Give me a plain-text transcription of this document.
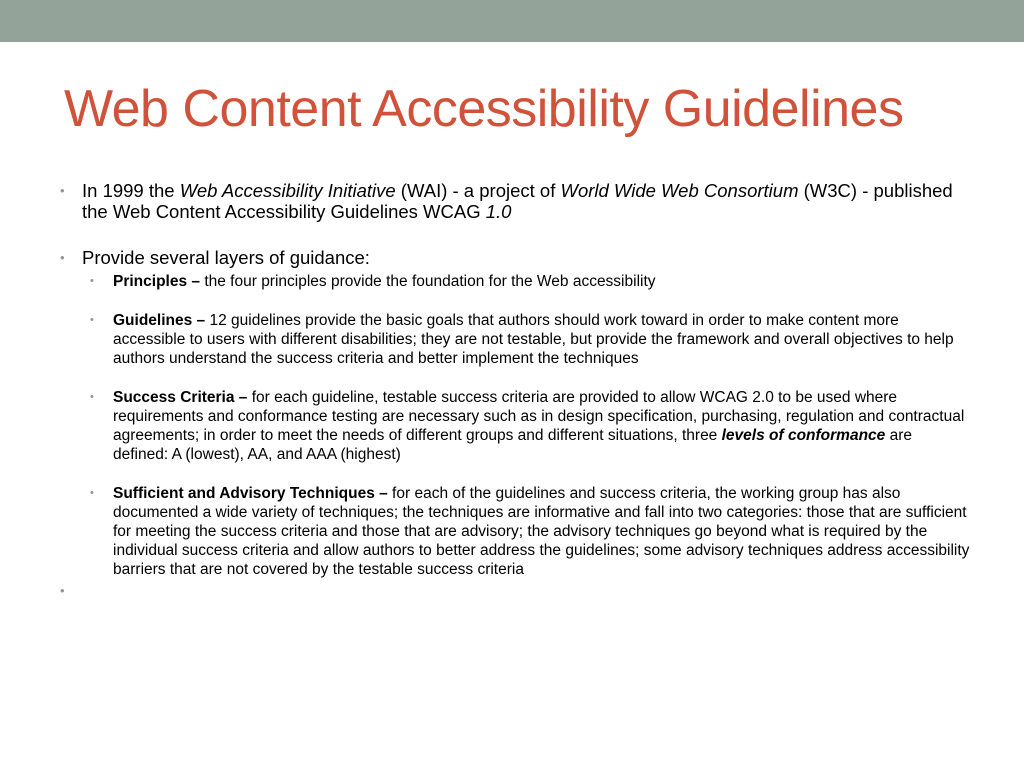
Web Content Accessibility Guidelines
• In 1999 the Web Accessibility Initiative (WAI) - a project of World Wide Web Consortium (W3C) - published the Web Content Accessibility Guidelines WCAG 1.0
• Provide several layers of guidance:
• Principles – the four principles provide the foundation for the Web accessibility
• Guidelines – 12 guidelines provide the basic goals that authors should work toward in order to make content more accessible to users with different disabilities; they are not testable, but provide the framework and overall objectives to help authors understand the success criteria and better implement the techniques
• Success Criteria – for each guideline, testable success criteria are provided to allow WCAG 2.0 to be used where requirements and conformance testing are necessary such as in design specification, purchasing, regulation and contractual agreements; in order to meet the needs of different groups and different situations, three levels of conformance are defined: A (lowest), AA, and AAA (highest)
• Sufficient and Advisory Techniques – for each of the guidelines and success criteria, the working group has also documented a wide variety of techniques; the techniques are informative and fall into two categories: those that are sufficient for meeting the success criteria and those that are advisory; the advisory techniques go beyond what is required by the individual success criteria and allow authors to better address the guidelines; some advisory techniques address accessibility barriers that are not covered by the testable success criteria
•
